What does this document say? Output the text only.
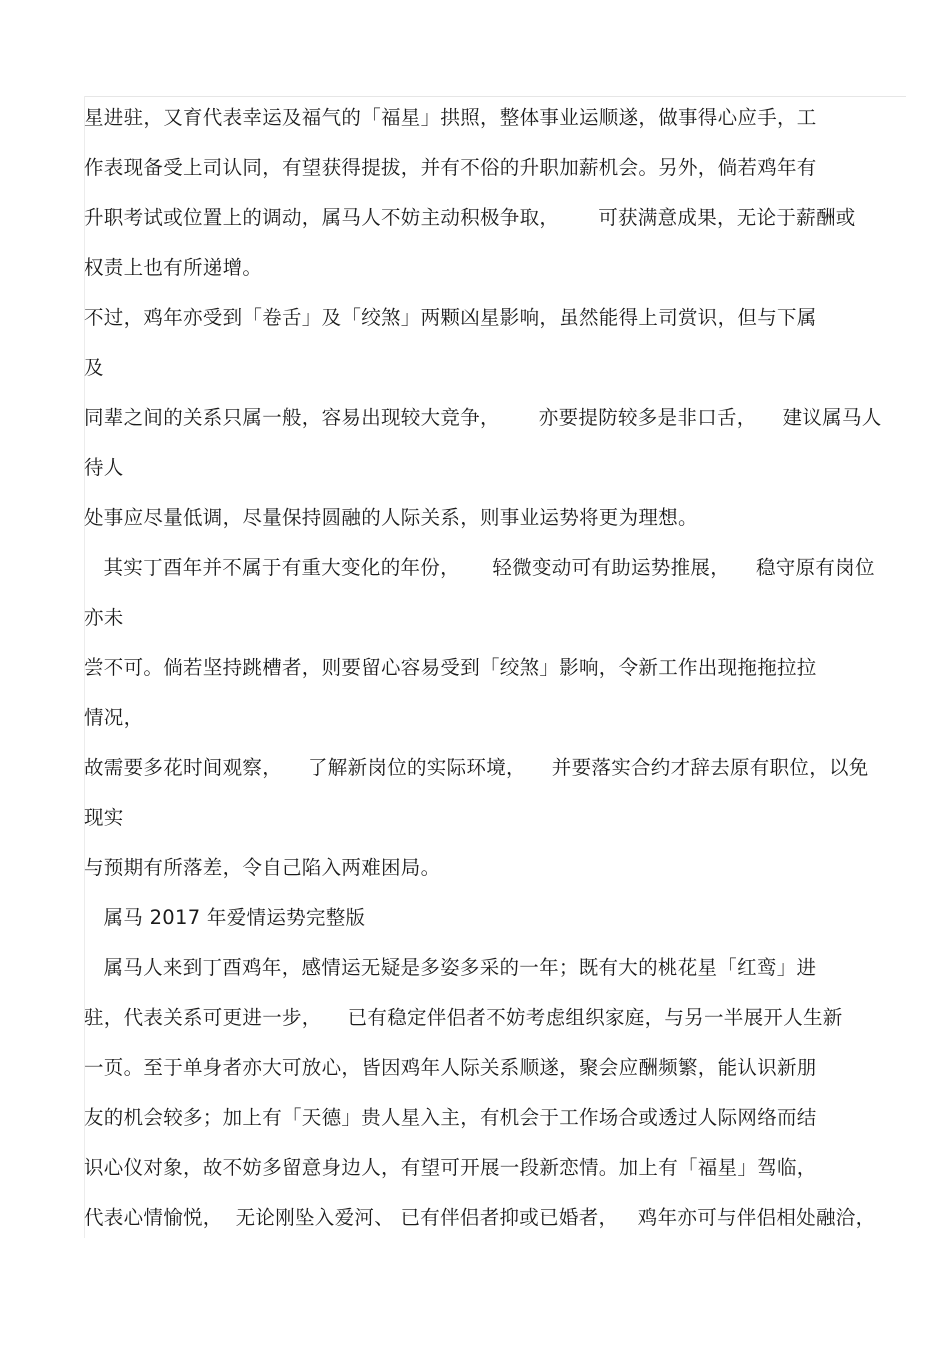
星进驻，又育代表幸运及福气的「福星」拱照，整体事业运顺遂，做事得心应手，工
作表现备受上司认同，有望获得提拔，并有不俗的升职加薪机会。另外，倘若鸡年有
升职考试或位置上的调动，属马人不妨主动积极争取，      可获满意成果，无论于薪酬或
权责上也有所递增。
不过，鸡年亦受到「卷舌」及「绞煞」两颗凶星影响，虽然能得上司赏识，但与下属
及
同辈之间的关系只属一般，容易出现较大竞争，      亦要提防较多是非口舌，    建议属马人
待人
处事应尽量低调，尽量保持圆融的人际关系，则事业运势将更为理想。
其实丁酉年并不属于有重大变化的年份，     轻微变动可有助运势推展，    稳守原有岗位
亦未
尝不可。倘若坚持跳槽者，则要留心容易受到「绞煞」影响，令新工作出现拖拖拉拉
情况，
故需要多花时间观察，    了解新岗位的实际环境，    并要落实合约才辞去原有职位，以免
现实
与预期有所落差，令自己陷入两难困局。
属马 2017 年爱情运势完整版
属马人来到丁酉鸡年，感情运无疑是多姿多采的一年；既有大的桃花星「红鸾」进
驻，代表关系可更进一步，    已有稳定伴侣者不妨考虑组织家庭，与另一半展开人生新
一页。至于单身者亦大可放心，皆因鸡年人际关系顺遂，聚会应酬频繁，能认识新朋
友的机会较多；加上有「天德」贵人星入主，有机会于工作场合或透过人际网络而结
识心仪对象，故不妨多留意身边人，有望可开展一段新恋情。加上有「福星」驾临，
代表心情愉悦，  无论刚坠入爱河、 已有伴侣者抑或已婚者，   鸡年亦可与伴侣相处融洽，
